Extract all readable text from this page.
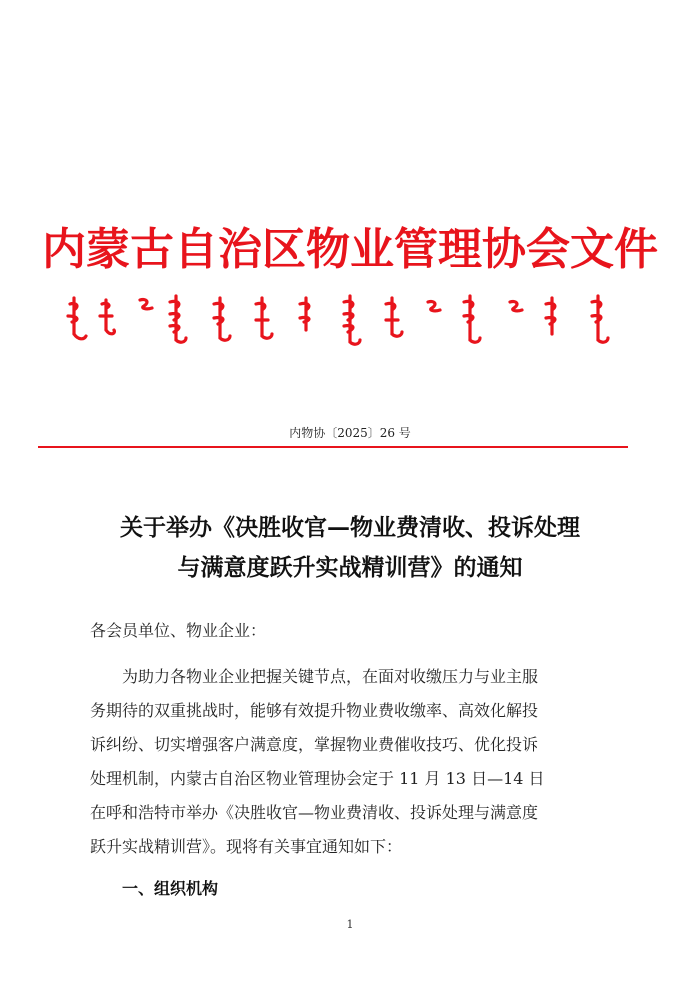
内蒙古自治区物业管理协会文件
内物协〔2025〕26 号
关于举办《决胜收官—物业费清收、投诉处理
与满意度跃升实战精训营》的通知
各会员单位、物业企业：
为助力各物业企业把握关键节点，在面对收缴压力与业主服
务期待的双重挑战时，能够有效提升物业费收缴率、高效化解投
诉纠纷、切实增强客户满意度，掌握物业费催收技巧、优化投诉
处理机制，内蒙古自治区物业管理协会定于 11 月 13 日—14 日
在呼和浩特市举办《决胜收官—物业费清收、投诉处理与满意度
跃升实战精训营》。现将有关事宜通知如下：
一、组织机构
1
